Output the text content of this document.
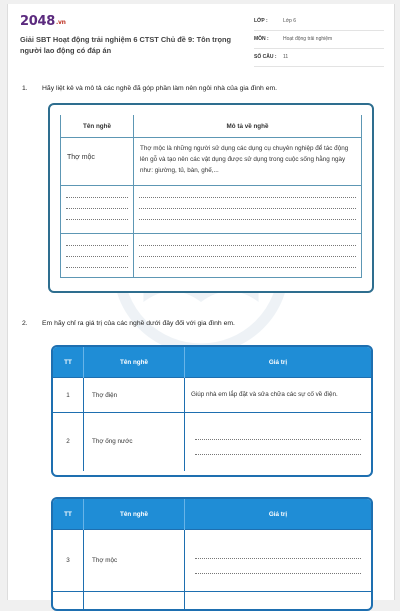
2048.vn
Giải SBT Hoạt động trải nghiệm 6 CTST Chủ đề 9: Tôn trọng người lao động có đáp án
LỚP :	Lớp 6
MÔN :	Hoạt động trải nghiệm
SỐ CÂU : 11
1. Hãy liệt kê và mô tả các nghề đã góp phần làm nên ngôi nhà của gia đình em.
Tên nghề	Mô tả về nghề

Thợ mộc	Thợ mộc là những người sử dụng các dụng cụ chuyên nghiệp để tác động lên gỗ và tạo nên các vật dụng được sử dụng trong cuộc sống hằng ngày như: giường, tủ, bàn, ghế,...

2. Em hãy chỉ ra giá trị của các nghề dưới đây đối với gia đình em.
TT	Tên nghề	Giá trị
1	Thợ điện	Giúp nhà em lắp đặt và sửa chữa các sự cố về điện.
2	Thợ ống nước	
TT	Tên nghề	Giá trị
3	Thợ mộc	
